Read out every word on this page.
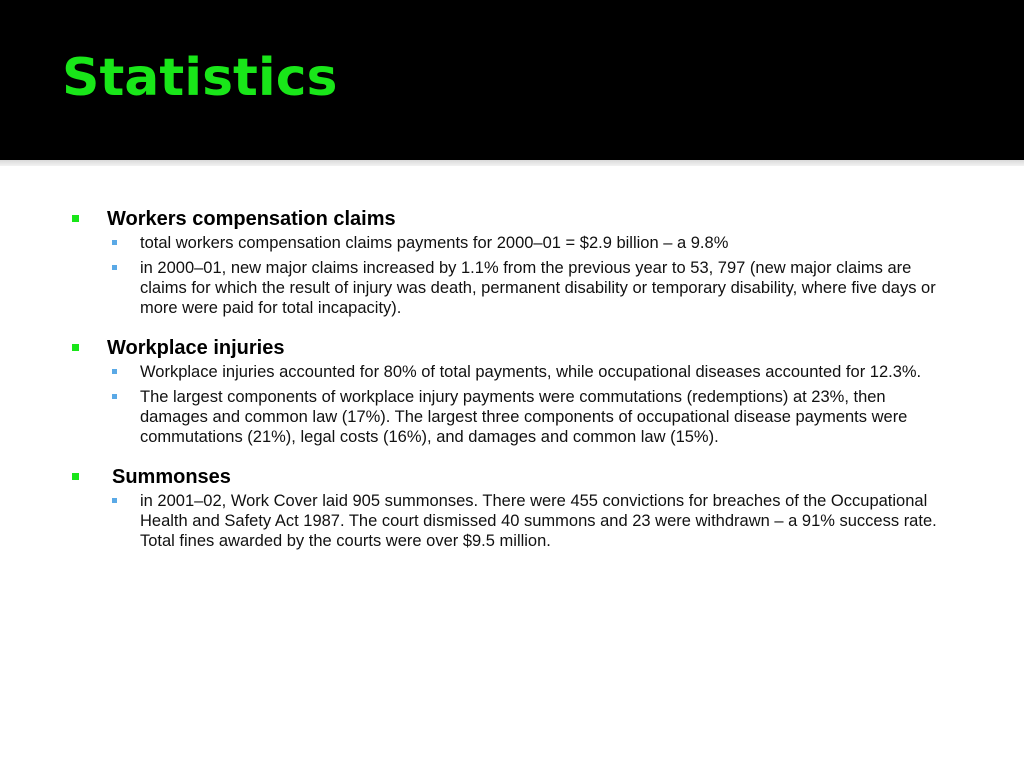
Statistics
Workers compensation claims
total workers compensation claims payments for 2000–01 = $2.9 billion – a 9.8%
in 2000–01, new major claims increased by 1.1% from the previous year to 53, 797 (new major claims are claims for which the result of injury was death, permanent disability or temporary disability, where five days or more were paid for total incapacity).
Workplace injuries
Workplace injuries accounted for 80% of total payments, while occupational diseases accounted for 12.3%.
The largest components of workplace injury payments were commutations (redemptions) at 23%, then damages and common law (17%). The largest three components of occupational disease payments were commutations (21%), legal costs (16%), and damages and common law (15%).
Summonses
in 2001–02, Work Cover laid 905 summonses. There were 455 convictions for breaches of the Occupational Health and Safety Act 1987. The court dismissed 40 summons and 23 were withdrawn – a 91% success rate. Total fines awarded by the courts were over $9.5 million.
